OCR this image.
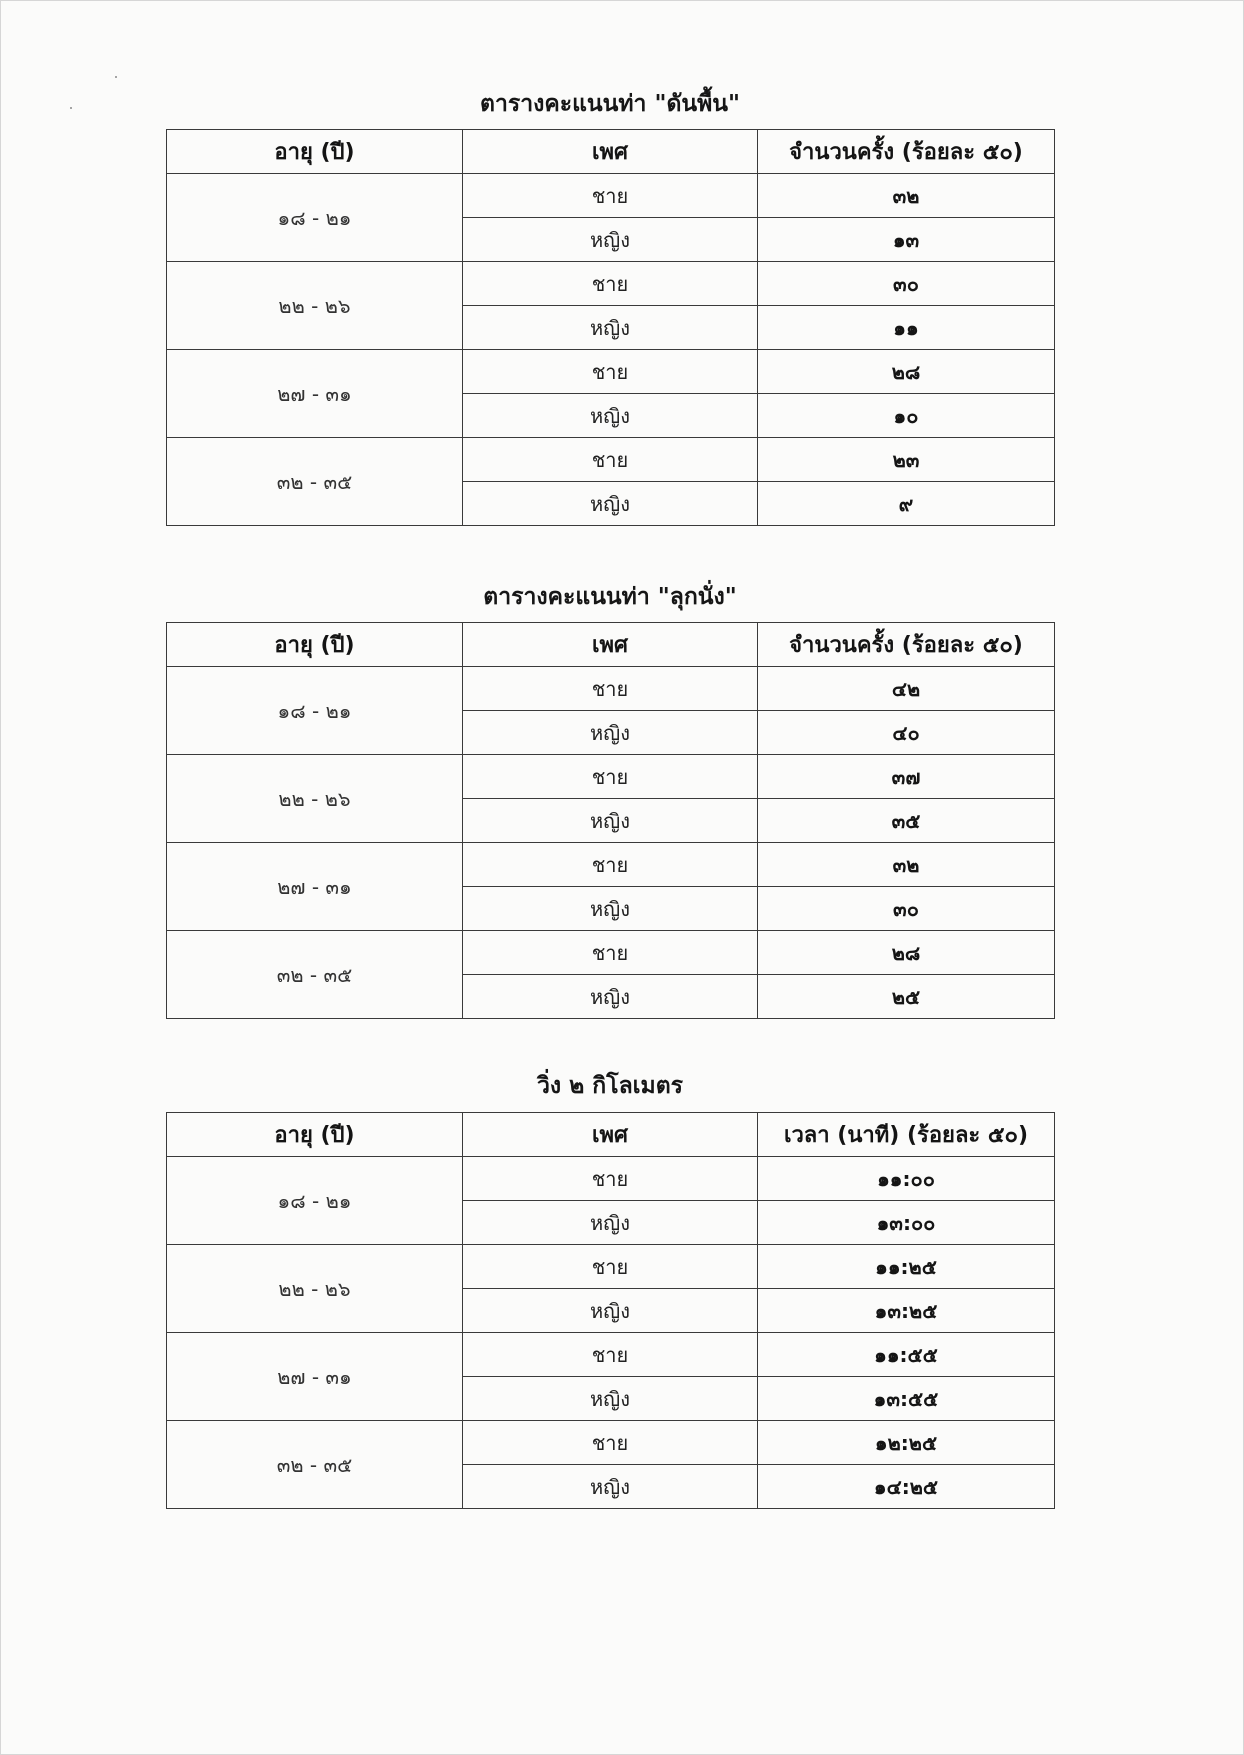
ตารางคะแนนท่า "ดันพื้น"
อายุ (ปี)	เพศ	จำนวนครั้ง (ร้อยละ ๕๐)
๑๘ - ๒๑	ชาย	๓๒
	หญิง	๑๓
๒๒ - ๒๖	ชาย	๓๐
	หญิง	๑๑
๒๗ - ๓๑	ชาย	๒๘
	หญิง	๑๐
๓๒ - ๓๕	ชาย	๒๓
	หญิง	๙
ตารางคะแนนท่า "ลุกนั่ง"
อายุ (ปี)	เพศ	จำนวนครั้ง (ร้อยละ ๕๐)
๑๘ - ๒๑	ชาย	๔๒
	หญิง	๔๐
๒๒ - ๒๖	ชาย	๓๗
	หญิง	๓๕
๒๗ - ๓๑	ชาย	๓๒
	หญิง	๓๐
๓๒ - ๓๕	ชาย	๒๘
	หญิง	๒๕
วิ่ง ๒ กิโลเมตร
อายุ (ปี)	เพศ	เวลา (นาที) (ร้อยละ ๕๐)
๑๘ - ๒๑	ชาย	๑๑:๐๐
	หญิง	๑๓:๐๐
๒๒ - ๒๖	ชาย	๑๑:๒๕
	หญิง	๑๓:๒๕
๒๗ - ๓๑	ชาย	๑๑:๕๕
	หญิง	๑๓:๕๕
๓๒ - ๓๕	ชาย	๑๒:๒๕
	หญิง	๑๔:๒๕
